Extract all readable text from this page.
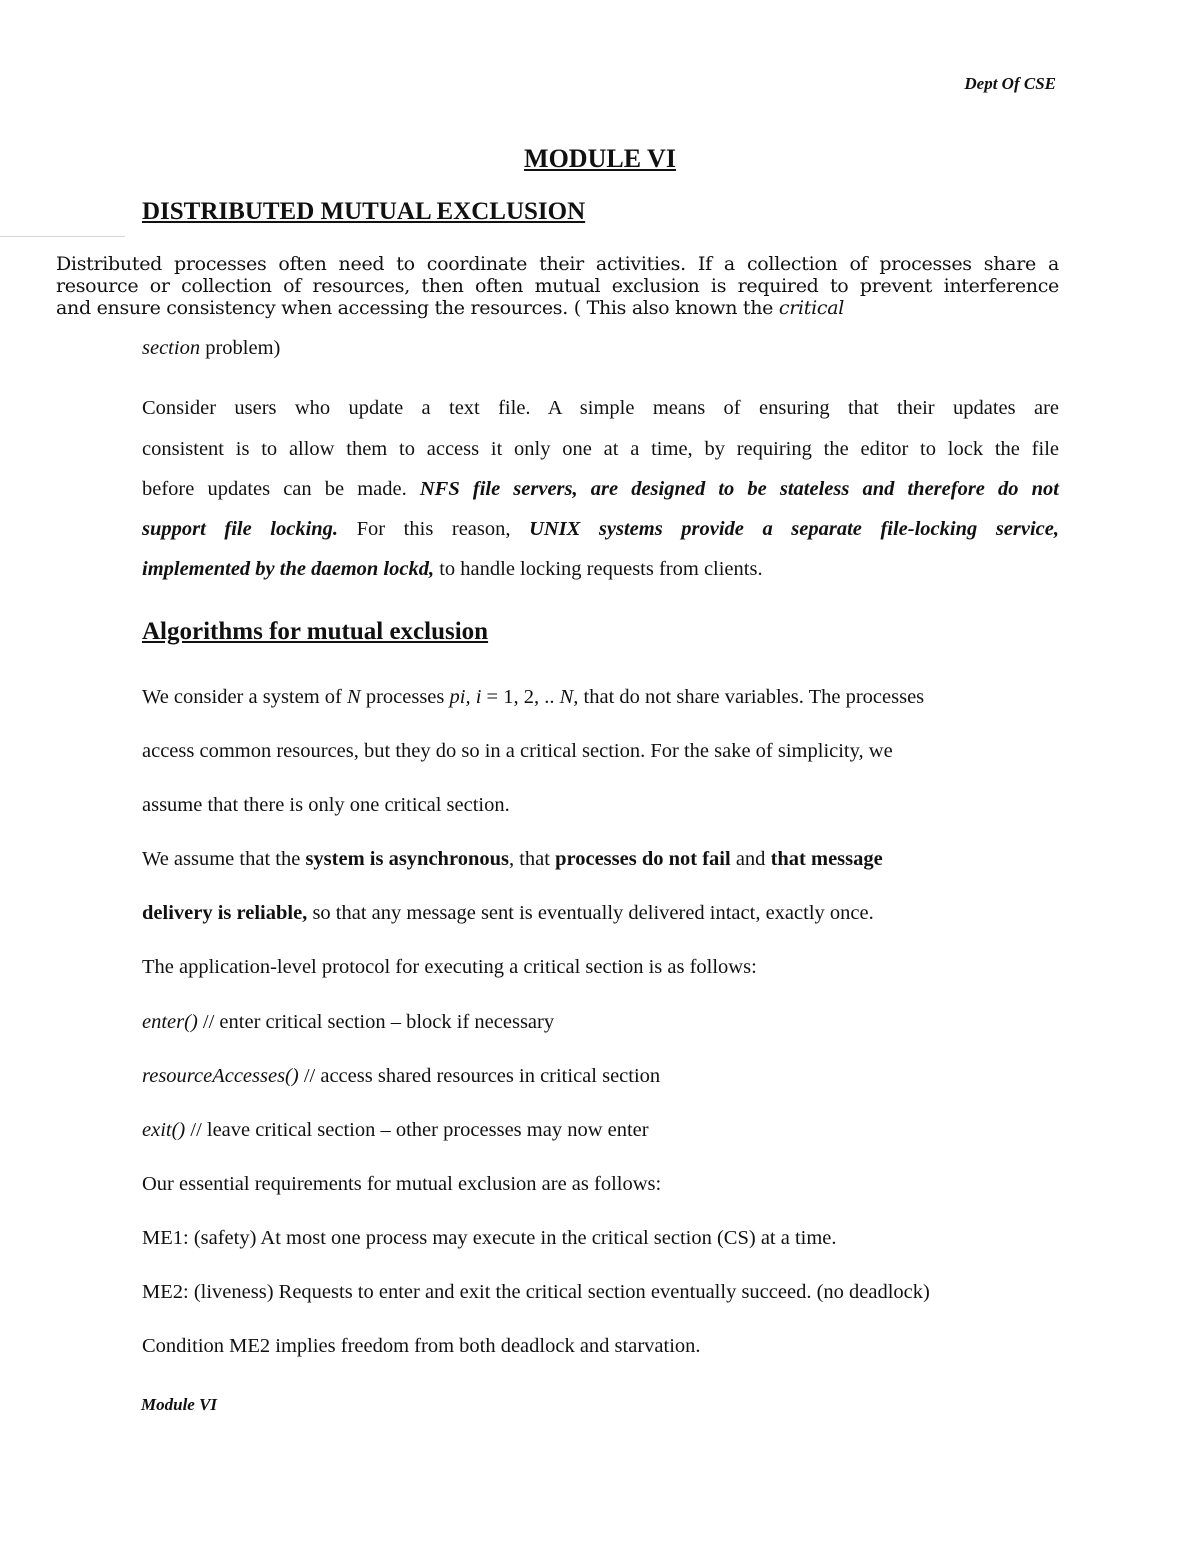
Dept Of CSE
MODULE VI
DISTRIBUTED MUTUAL EXCLUSION
Distributed processes often need to coordinate their activities. If a collection of processes share a
resource or collection of resources, then often mutual exclusion is required to prevent interference
and ensure consistency when accessing the resources. ( This also known the critical
section problem)
Consider users who update a text file. A simple means of ensuring that their updates are
consistent is to allow them to access it only one at a time, by requiring the editor to lock the file
before updates can be made. NFS file servers, are designed to be stateless and therefore do not
support file locking. For this reason, UNIX systems provide a separate file-locking service,
implemented by the daemon lockd, to handle locking requests from clients.
Algorithms for mutual exclusion
We consider a system of N processes pi, i = 1, 2, .. N, that do not share variables. The processes
access common resources, but they do so in a critical section. For the sake of simplicity, we
assume that there is only one critical section.
We assume that the system is asynchronous, that processes do not fail and that message
delivery is reliable, so that any message sent is eventually delivered intact, exactly once.
The application-level protocol for executing a critical section is as follows:
enter() // enter critical section – block if necessary
resourceAccesses() // access shared resources in critical section
exit() // leave critical section – other processes may now enter
Our essential requirements for mutual exclusion are as follows:
ME1: (safety) At most one process may execute in the critical section (CS) at a time.
ME2: (liveness) Requests to enter and exit the critical section eventually succeed. (no deadlock)
Condition ME2 implies freedom from both deadlock and starvation.
Module VI
